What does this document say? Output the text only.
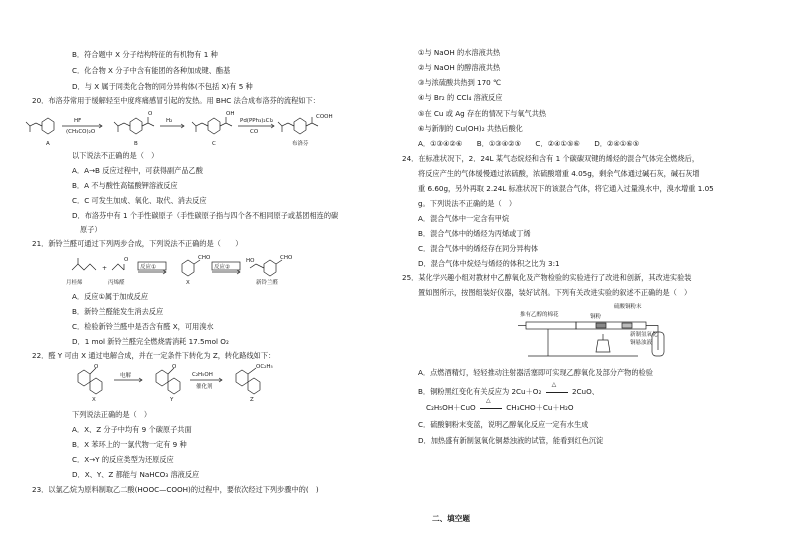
B．符合题中 X 分子结构特征的有机物有 1 种
C．化合物 X 分子中含有能团的各种加成键、酯基
D．与 X 属于同类化合物的同分异构体(不包括 X)有 5 种
20．布洛芬常用于缓解轻至中度疼痛感冒引起的发热。用 BHC 法合成布洛芬的流程如下：
HF
(CH₃CO)₂O
H₂	Pd(PPh₃)₂Cl₂
CO
O	OH	COOH
A	B	C	布洛芬
以下说法不正确的是（　）
A．A→B 反应过程中，可获得副产品乙酸
B．A 不与酸性高锰酸钾溶液反应
C．C 可发生加成、氧化、取代、消去反应
D．布洛芬中有 1 个手性碳原子（手性碳原子指与四个各不相同原子或基团相连的碳
原子）
21．新铃兰醛可通过下列两步合成，下列说法不正确的是（　　）
+
月桂烯	丙烯醛
反应①	反应②
O	CHO
X
HO	CHO
新铃兰醛
A．反应①属于加成反应
B．新铃兰醛能发生消去反应
C．检验新铃兰醛中是否含有醛 X，可用溴水
D．1 mol 新铃兰醛完全燃烧需消耗 17.5mol O₂
22．醛 Y 可由 X 通过电解合成，并在一定条件下转化为 Z，转化路线如下：
O
电解
O
C₂H₅OH
催化剂
OC₂H₅
X	Y	Z
下列说法正确的是（　）
A．X、Z 分子中均有 9 个碳原子共面
B．X 苯环上的一氯代物一定有 9 种
C．X→Y 的反应类型为还原反应
D．X、Y、Z 都能与 NaHCO₃ 溶液反应
23．以氯乙烷为原料制取乙二酸(HOOC—COOH)的过程中，要依次经过下列步骤中的(　)
①与 NaOH 的水溶液共热
②与 NaOH 的醇溶液共热
③与浓硫酸共热到 170 ℃
④与 Br₂ 的 CCl₄ 溶液反应
⑤在 Cu 或 Ag 存在的情况下与氧气共热
⑥与新制的 Cu(OH)₂ 共热后酸化
A．①③④②⑥　　B．①③④②⑤　　C．②④①⑤⑥　　D．②④①⑥⑤
24．在标准状况下，2．24L 某气态烷烃和含有 1 个碳碳双键的烯烃的混合气体完全燃烧后，
将反应产生的气体缓慢通过浓硫酸，浓硫酸增重 4.05g，剩余气体通过碱石灰，碱石灰增
重 6.60g，另外再取 2.24L 标准状况下的该混合气体，将它通入过量溴水中，溴水增重 1.05
g。下列说法不正确的是（　）
A．混合气体中一定含有甲烷
B．混合气体中的烯烃为丙烯或丁烯
C．混合气体中的烯烃存在同分异构体
D．混合气体中烷烃与烯烃的体积之比为 3:1
25．某化学兴趣小组对教材中乙醇氧化及产物检验的实验进行了改进和创新，其改进实验装
置如图所示，按图组装好仪器，装好试剂。下列有关改进实验的叙述不正确的是（　）
推有乙醇的棉花	铜粉
硫酸铜粉末
新制氢氧化
铜悬浊液
A．点燃酒精灯，轻轻推动注射器活塞即可实现乙醇氧化及部分产物的检验
B．铜粉黑红变化有关反应为 2Cu＋O₂
△
2CuO、
C₂H₅OH＋CuO
△
CH₃CHO＋Cu＋H₂O
C．硫酸铜粉末变蓝，说明乙醇氧化反应一定有水生成
D．加热盛有新制氢氧化铜悬浊液的试管，能看到红色沉淀
二、填空题
